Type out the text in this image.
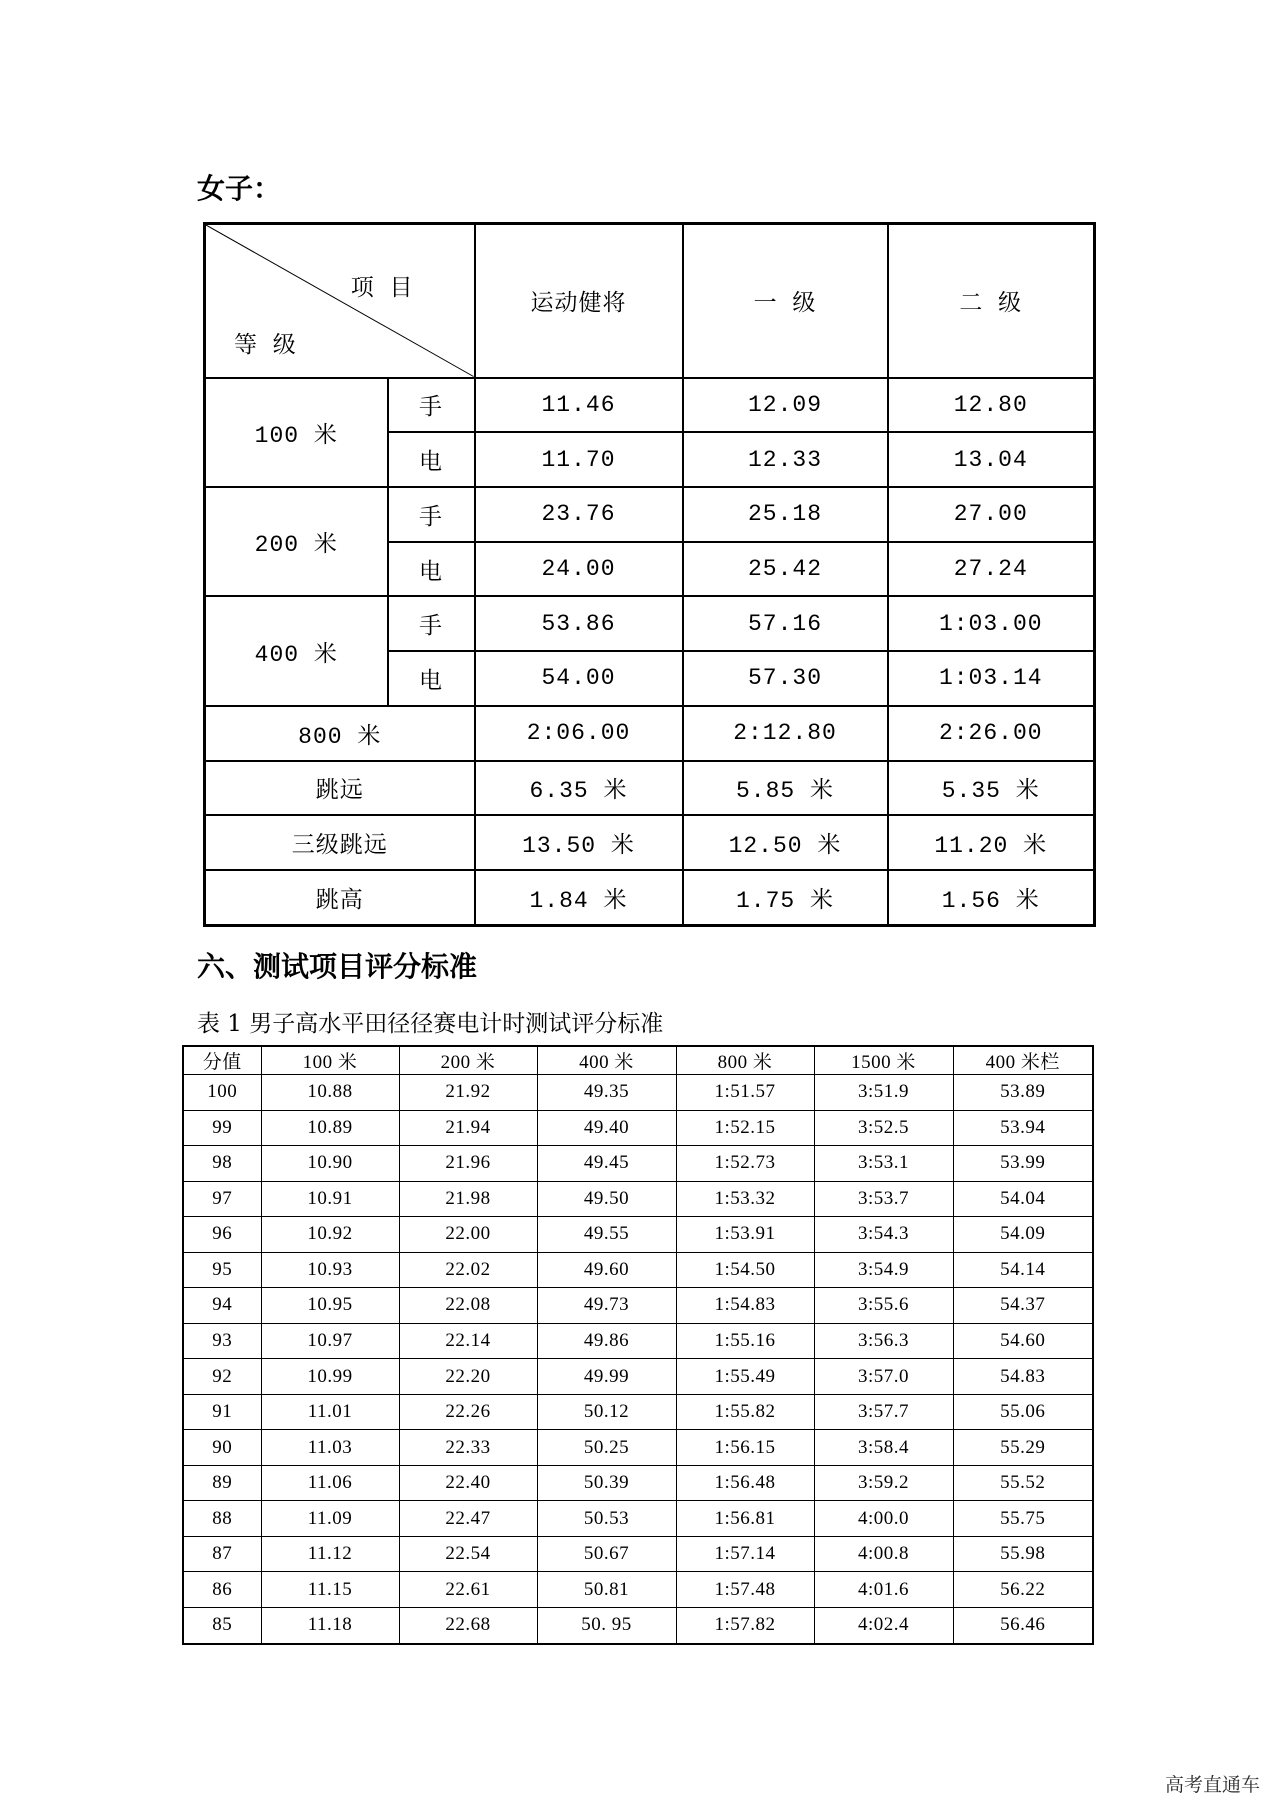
女子：
项 目
等 级		运动健将	一 级	二 级
100 米	手	11.46	12.09	12.80
	电	11.70	12.33	13.04
200 米	手	23.76	25.18	27.00
	电	24.00	25.42	27.24
400 米	手	53.86	57.16	1:03.00
	电	54.00	57.30	1:03.14
800 米		2:06.00	2:12.80	2:26.00
跳远		6.35 米	5.85 米	5.35 米
三级跳远		13.50 米	12.50 米	11.20 米
跳高		1.84 米	1.75 米	1.56 米
六、测试项目评分标准
表 1 男子高水平田径径赛电计时测试评分标准
分值	100 米	200 米	400 米	800 米	1500 米	400 米栏
100	10.88	21.92	49.35	1:51.57	3:51.9	53.89
99	10.89	21.94	49.40	1:52.15	3:52.5	53.94
98	10.90	21.96	49.45	1:52.73	3:53.1	53.99
97	10.91	21.98	49.50	1:53.32	3:53.7	54.04
96	10.92	22.00	49.55	1:53.91	3:54.3	54.09
95	10.93	22.02	49.60	1:54.50	3:54.9	54.14
94	10.95	22.08	49.73	1:54.83	3:55.6	54.37
93	10.97	22.14	49.86	1:55.16	3:56.3	54.60
92	10.99	22.20	49.99	1:55.49	3:57.0	54.83
91	11.01	22.26	50.12	1:55.82	3:57.7	55.06
90	11.03	22.33	50.25	1:56.15	3:58.4	55.29
89	11.06	22.40	50.39	1:56.48	3:59.2	55.52
88	11.09	22.47	50.53	1:56.81	4:00.0	55.75
87	11.12	22.54	50.67	1:57.14	4:00.8	55.98
86	11.15	22.61	50.81	1:57.48	4:01.6	56.22
85	11.18	22.68	50. 95	1:57.82	4:02.4	56.46
高考直通车
